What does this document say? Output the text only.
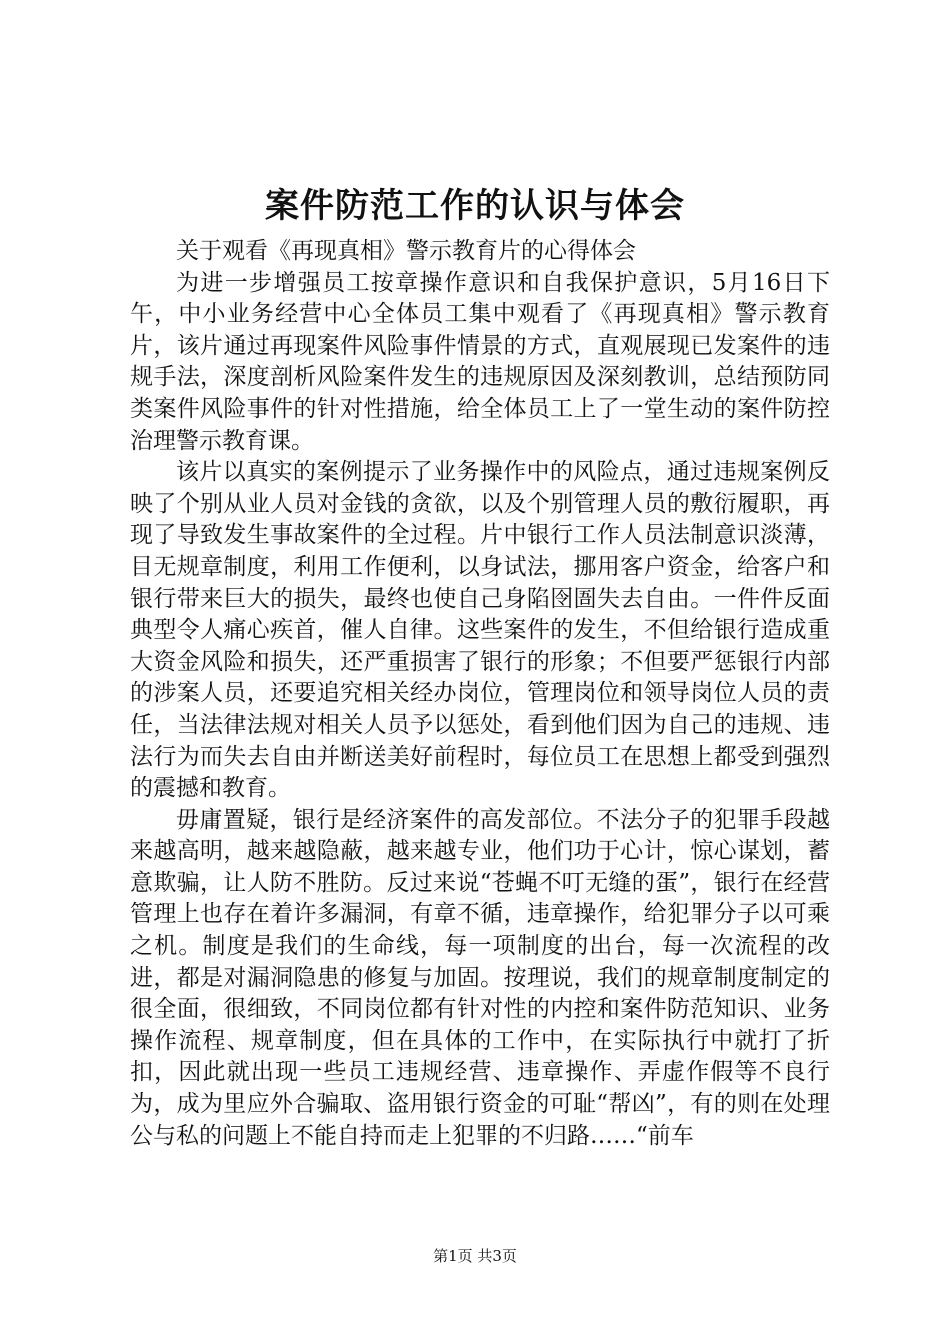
案件防范工作的认识与体会

关于观看《再现真相》警示教育片的心得体会

为进一步增强员工按章操作意识和自我保护意识，5月16日下午，中小业务经营中心全体员工集中观看了《再现真相》警示教育片，该片通过再现案件风险事件情景的方式，直观展现已发案件的违规手法，深度剖析风险案件发生的违规原因及深刻教训，总结预防同类案件风险事件的针对性措施，给全体员工上了一堂生动的案件防控治理警示教育课。

该片以真实的案例提示了业务操作中的风险点，通过违规案例反映了个别从业人员对金钱的贪欲，以及个别管理人员的敷衍履职，再现了导致发生事故案件的全过程。片中银行工作人员法制意识淡薄，目无规章制度，利用工作便利，以身试法，挪用客户资金，给客户和银行带来巨大的损失，最终也使自己身陷囹圄失去自由。一件件反面典型令人痛心疾首，催人自律。这些案件的发生，不但给银行造成重大资金风险和损失，还严重损害了银行的形象；不但要严惩银行内部的涉案人员，还要追究相关经办岗位，管理岗位和领导岗位人员的责任，当法律法规对相关人员予以惩处，看到他们因为自己的违规、违法行为而失去自由并断送美好前程时，每位员工在思想上都受到强烈的震撼和教育。

毋庸置疑，银行是经济案件的高发部位。不法分子的犯罪手段越来越高明，越来越隐蔽，越来越专业，他们功于心计，惊心谋划，蓄意欺骗，让人防不胜防。反过来说“苍蝇不叮无缝的蛋”，银行在经营管理上也存在着许多漏洞，有章不循，违章操作，给犯罪分子以可乘之机。制度是我们的生命线，每一项制度的出台，每一次流程的改进，都是对漏洞隐患的修复与加固。按理说，我们的规章制度制定的很全面，很细致，不同岗位都有针对性的内控和案件防范知识、业务操作流程、规章制度，但在具体的工作中，在实际执行中就打了折扣，因此就出现一些员工违规经营、违章操作、弄虚作假等不良行为，成为里应外合骗取、盗用银行资金的可耻“帮凶”，有的则在处理公与私的问题上不能自持而走上犯罪的不归路……“前车

第1页 共3页
